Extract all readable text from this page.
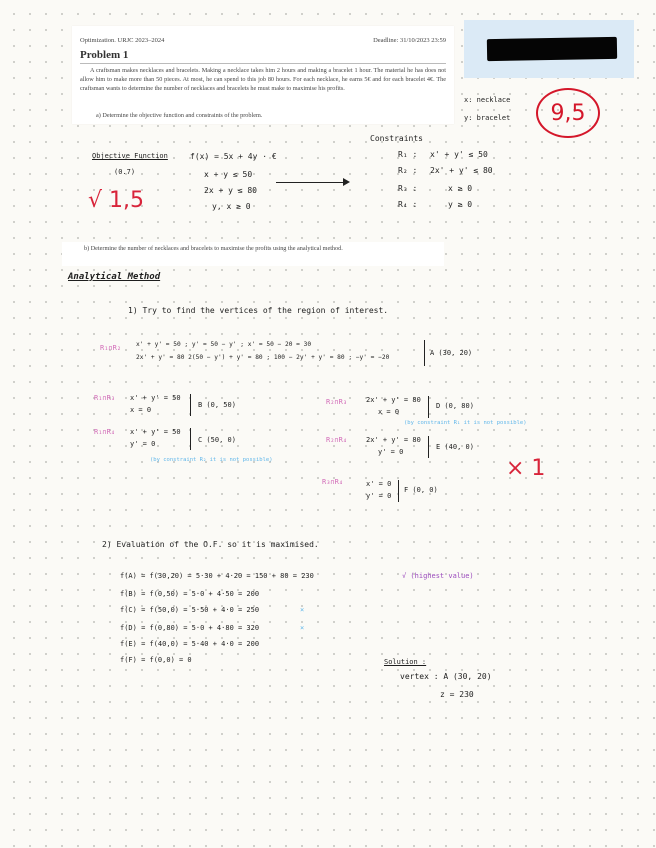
Optimization. URJC 2023–2024	Deadline: 31/10/2023 23:59
Problem 1
A craftsman makes necklaces and bracelets. Making a necklace takes him 2 hours and making a bracelet 1 hour. The material he has does not allow him to make more than 50 pieces. At most, he can spend to this job 80 hours. For each necklace, he earns 5€ and for each bracelet 4€. The craftsman wants to determine the number of necklaces and bracelets he must make to maximise his profits.
a) Determine the objective function and constraints of the problem.
b) Determine the number of necklaces and bracelets to maximise the profits using the analytical method.
9,5
x: necklace
y: bracelet
Objective Function
(0.7)
f(x) = 5x + 4y · €
x + y ≤ 50
2x + y ≤ 80
y, x ≥ 0
√ 1,5
Constraints
R₁ : x' + y' ≤ 50
R₂ : 2x' + y' ≤ 80
R₃ :	x ≥ 0
R₄ :	y ≥ 0
Analytical Method
1) Try to find the vertices of the region of interest.
R₁∩R₂ x' + y' = 50 ; y' = 50 − y' ; x' = 50 − 20 = 30
2x' + y' = 80 2(50 − y') + y' = 80 ; 100 − 2y' + y' = 80 ; −y' = −20
A (30, 20)
R₁∩R₃ x' + y' = 50
x = 0
B (0, 50)
R₁∩R₄ x' + y' = 50
y' = 0	C (50, 0)
(by constraint R₂ it is not possible)
R₂∩R₃	2x' + y' = 80
x = 0
D (0, 80)
(by constraint R₁ it is not possible)
R₂∩R₄	2x' + y' = 80
y' = 0
E (40, 0)
R₃∩R₄	x' = 0
y' = 0
F (0, 0)
× 1
2) Evaluation of the O.F. so it is maximised.
f(A) = f(30,20) = 5·30 + 4·20 = 150 + 80 = 230	√ (highest value)
f(B) = f(0,50) = 5·0 + 4·50 = 200
f(C) = f(50,0) = 5·50 + 4·0 = 250	×
f(D) = f(0,80) = 5·0 + 4·80 = 320	×
f(E) = f(40,0) = 5·40 + 4·0 = 200
f(F) = f(0,0) = 0	Solution :
vertex : A (30, 20)
z = 230
